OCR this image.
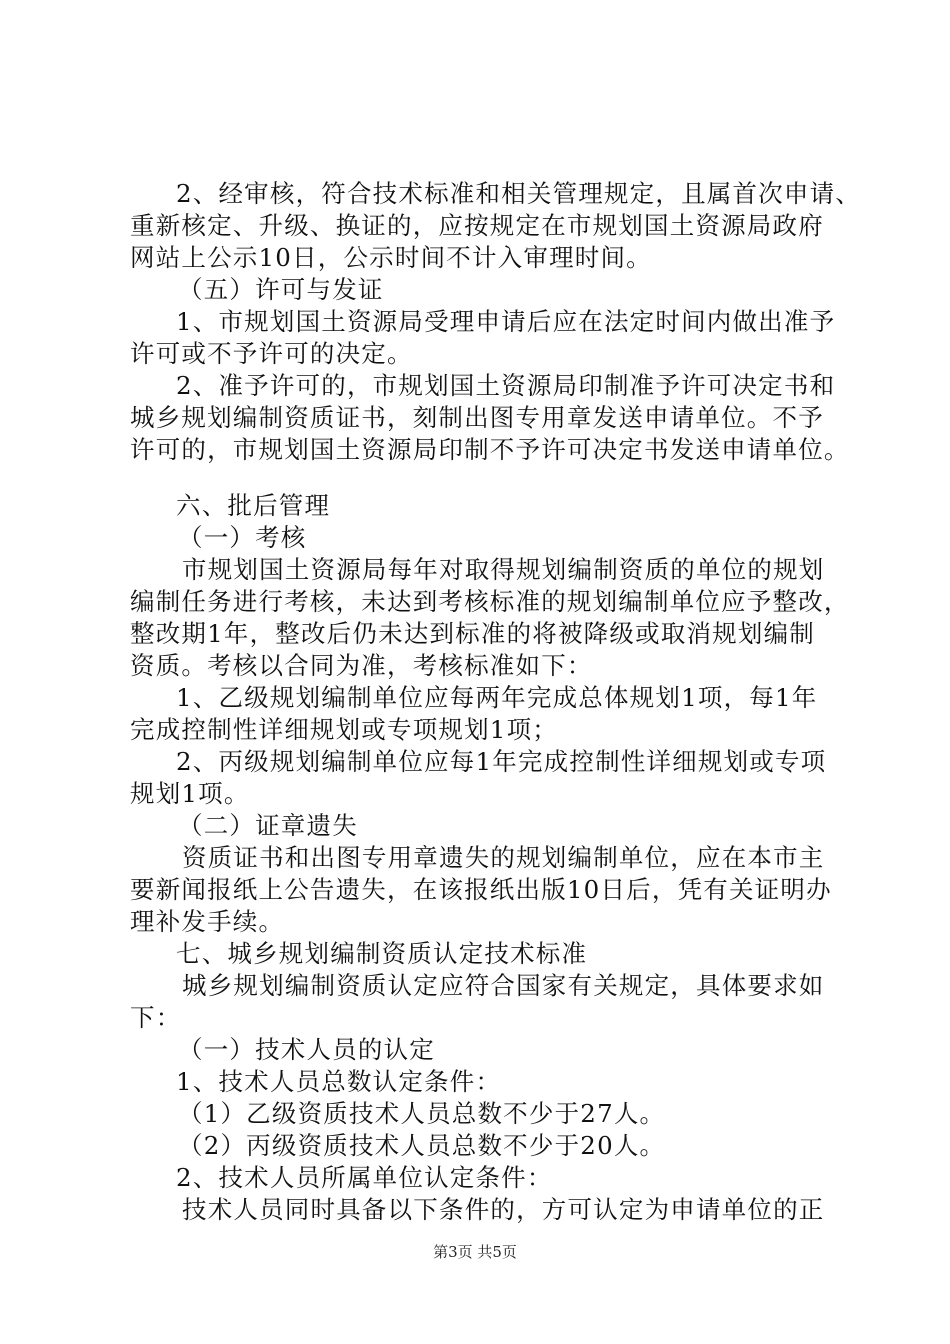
2、经审核，符合技术标准和相关管理规定，且属首次申请、
重新核定、升级、换证的，应按规定在市规划国土资源局政府
网站上公示10日，公示时间不计入审理时间。
（五）许可与发证
1、市规划国土资源局受理申请后应在法定时间内做出准予
许可或不予许可的决定。
2、准予许可的，市规划国土资源局印制准予许可决定书和
城乡规划编制资质证书，刻制出图专用章发送申请单位。不予
许可的，市规划国土资源局印制不予许可决定书发送申请单位。
六、批后管理
（一）考核
市规划国土资源局每年对取得规划编制资质的单位的规划
编制任务进行考核，未达到考核标准的规划编制单位应予整改，
整改期1年，整改后仍未达到标准的将被降级或取消规划编制
资质。考核以合同为准，考核标准如下：
1、乙级规划编制单位应每两年完成总体规划1项，每1年
完成控制性详细规划或专项规划1项；
2、丙级规划编制单位应每1年完成控制性详细规划或专项
规划1项。
（二）证章遗失
资质证书和出图专用章遗失的规划编制单位，应在本市主
要新闻报纸上公告遗失，在该报纸出版10日后，凭有关证明办
理补发手续。
七、城乡规划编制资质认定技术标准
城乡规划编制资质认定应符合国家有关规定，具体要求如
下：
（一）技术人员的认定
1、技术人员总数认定条件：
（1）乙级资质技术人员总数不少于27人。
（2）丙级资质技术人员总数不少于20人。
2、技术人员所属单位认定条件：
技术人员同时具备以下条件的，方可认定为申请单位的正
第3页 共5页
